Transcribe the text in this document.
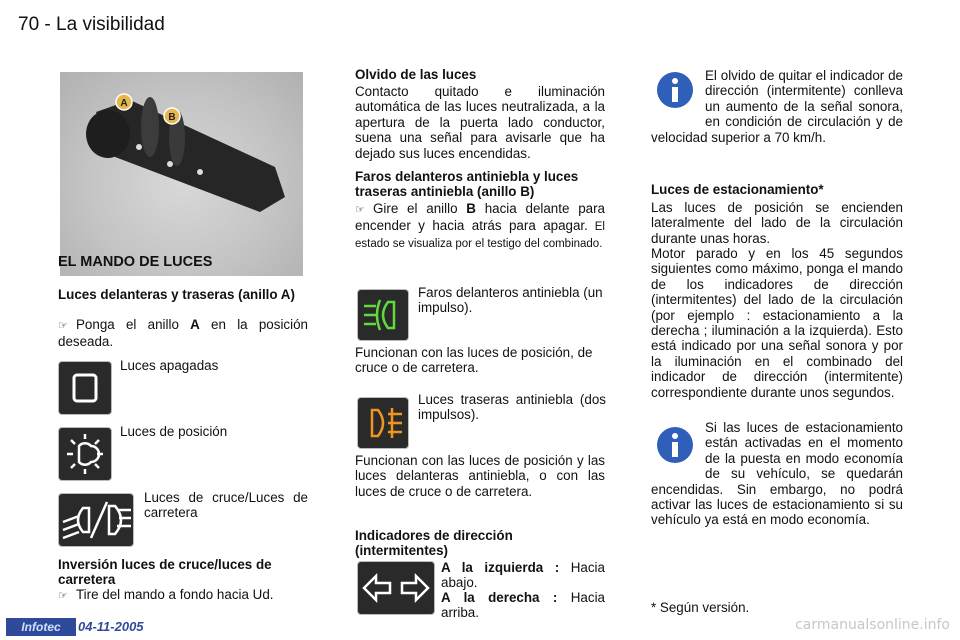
70 - La visibilidad
A
B
EL MANDO DE LUCES
Luces delanteras y traseras (anillo A)
☞ Ponga el anillo A en la posición deseada.
Luces apagadas
Luces de posición
Luces de cruce/Luces de carretera
Inversión luces de cruce/luces de carretera
☞ Tire del mando a fondo hacia Ud.
Olvido de las luces
Contacto quitado e iluminación automática de las luces neutralizada, a la apertura de la puerta lado conductor, suena una señal para avisarle que ha dejado sus luces encendidas.
Faros delanteros antiniebla y luces traseras antiniebla (anillo B)
☞ Gire el anillo B hacia delante para encender y hacia atrás para apagar. El estado se visualiza por el testigo del combinado.
Faros delanteros antiniebla (un impulso).
Funcionan con las luces de posición, de cruce o de carretera.
Luces traseras antiniebla (dos impulsos).
Funcionan con las luces de posición y las luces delanteras antiniebla, o con las luces de cruce o de carretera.
Indicadores de dirección (intermitentes)
A la izquierda : Hacia abajo.
A la derecha : Hacia arriba.
El olvido de quitar el indicador de dirección (intermitente) conlleva un aumento de la señal sonora, en condición de circulación y de velocidad superior a 70 km/h.
Luces de estacionamiento*
Las luces de posición se encienden lateralmente del lado de la circulación durante unas horas.
Motor parado y en los 45 segundos siguientes como máximo, ponga el mando de los indicadores de dirección (intermitentes) del lado de la circulación (por ejemplo : estacionamiento a la derecha ; iluminación a la izquierda). Esto está indicado por una señal sonora y por la iluminación en el combinado del indicador de dirección (intermitente) correspondiente durante unos segundos.
Si las luces de estacionamiento están activadas en el momento de la puesta en modo economía de su vehículo, se quedarán encendidas. Sin embargo, no podrá activar las luces de estacionamiento si su vehículo ya está en modo economía.
* Según versión.
Infotec	04-11-2005	carmanualsonline.info
